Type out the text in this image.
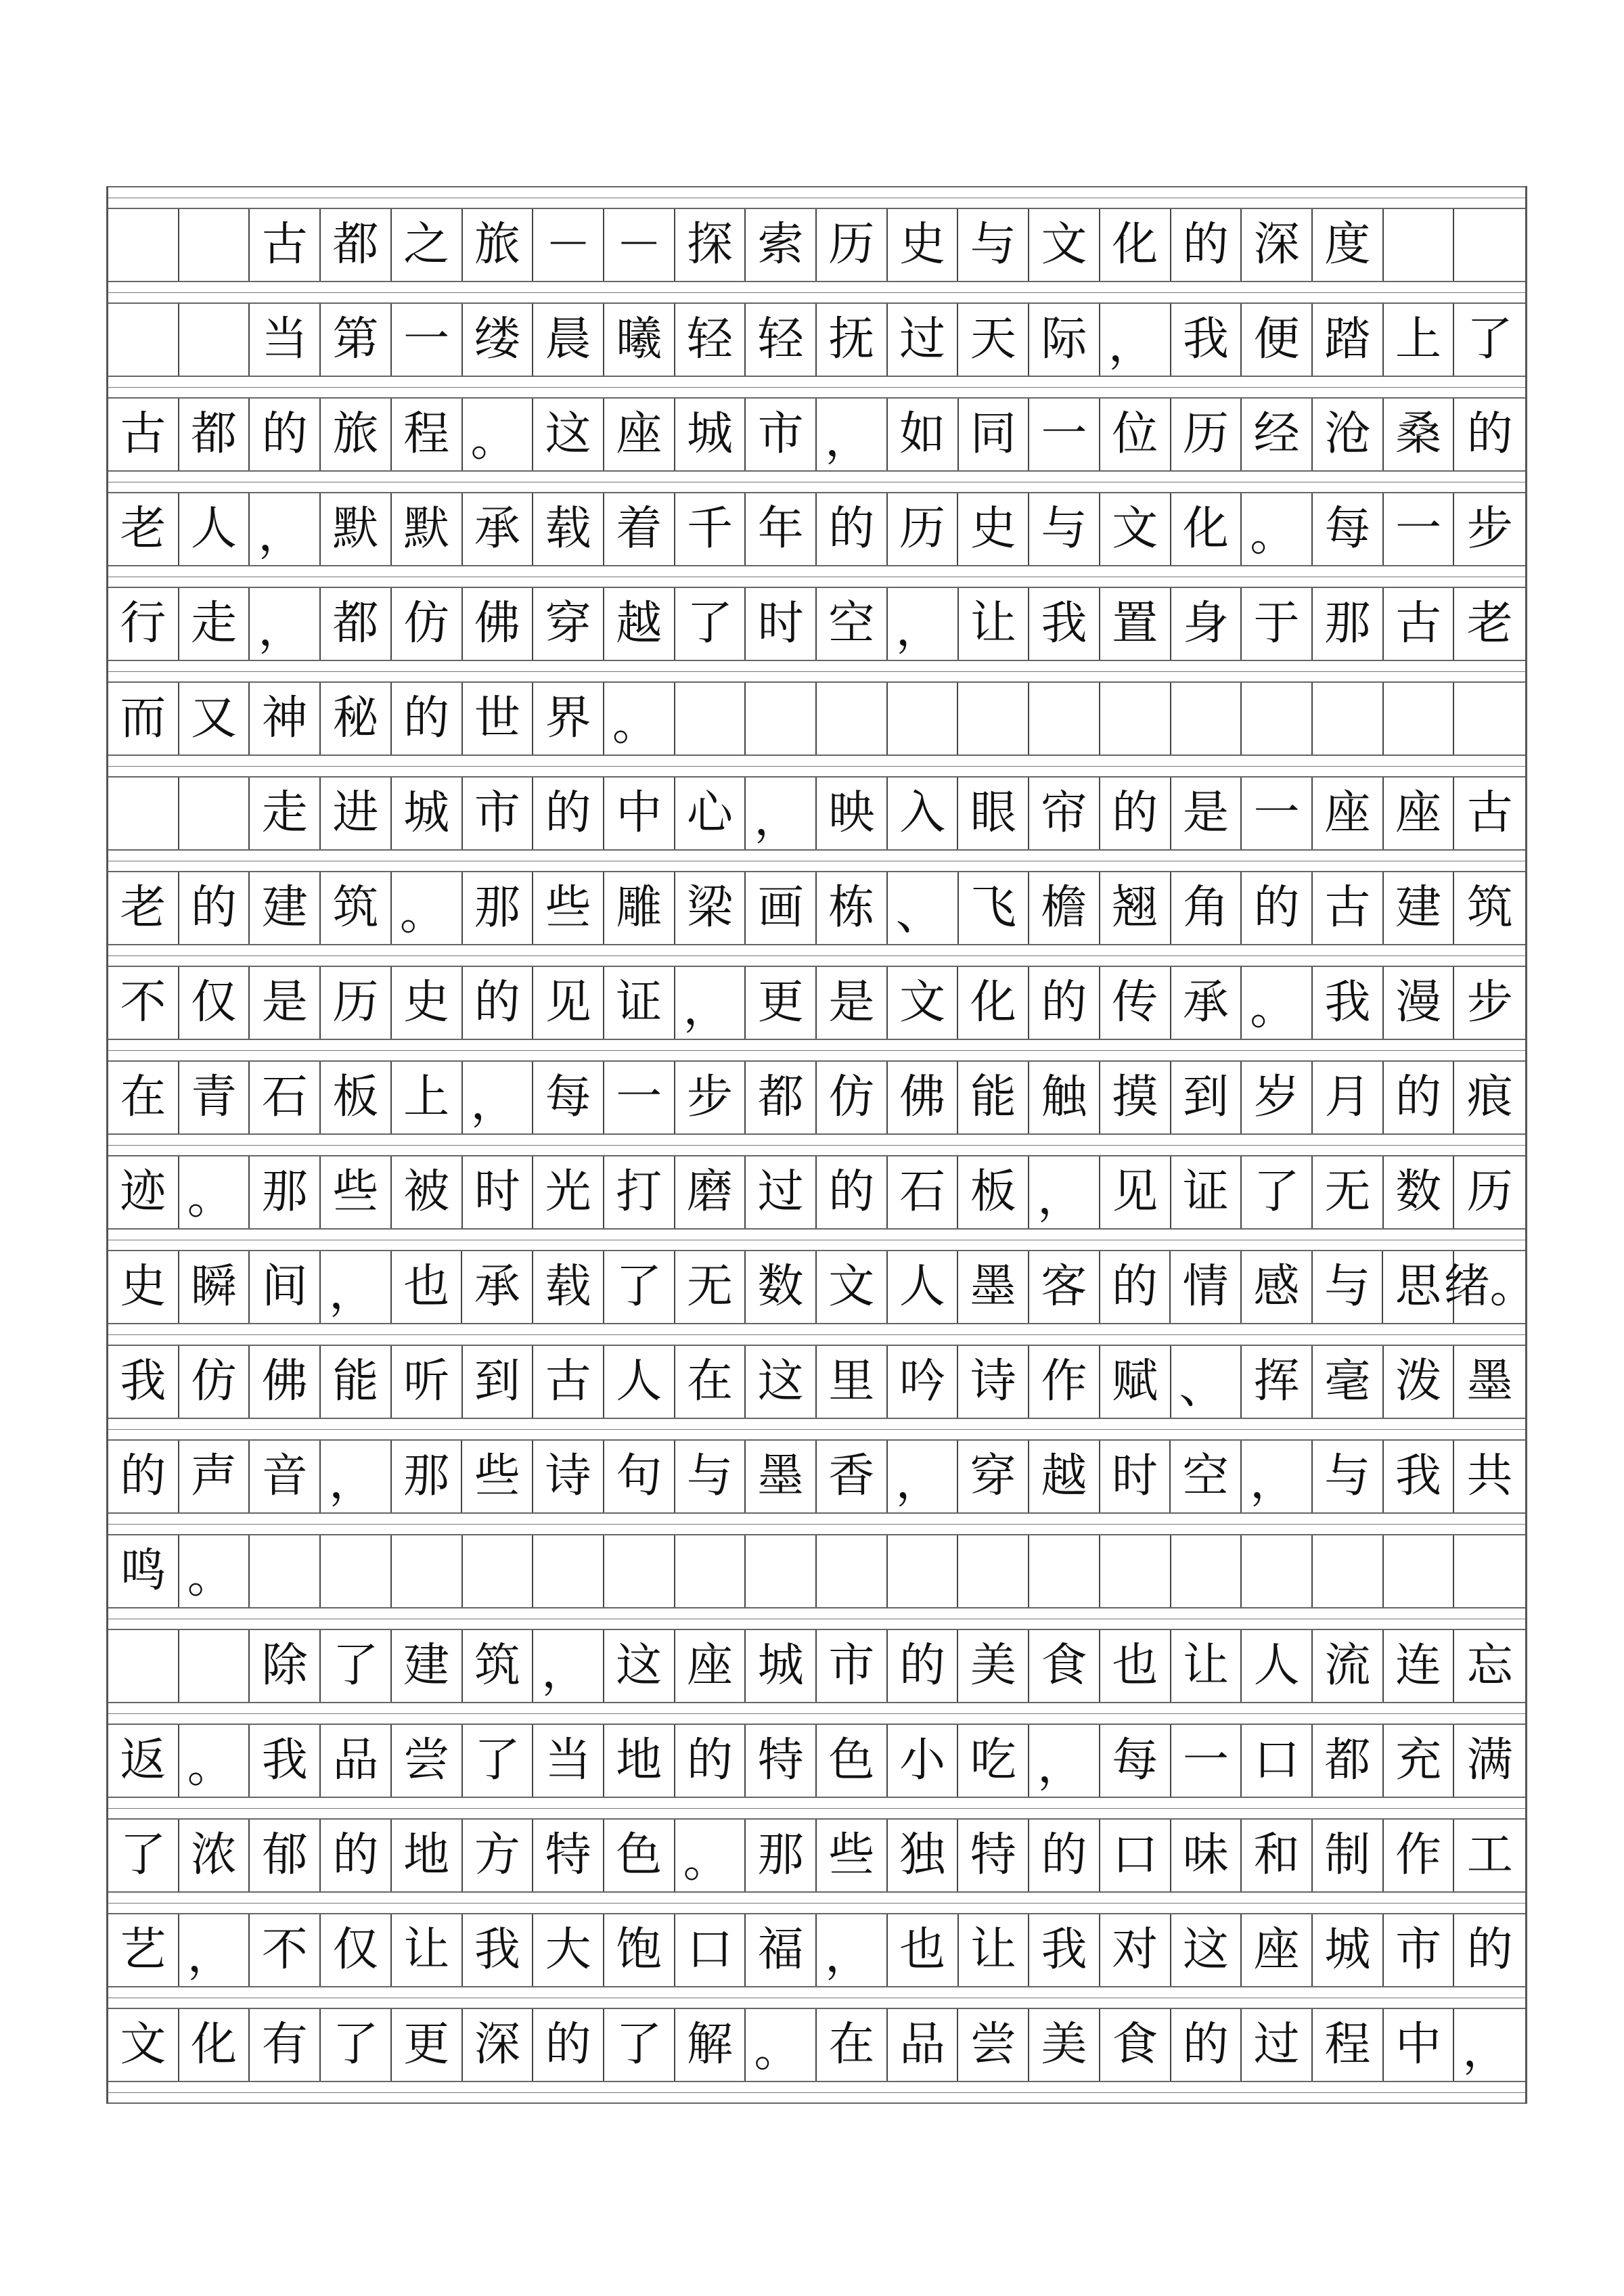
古 都 之 旅 － － 探 索 历 史 与 文 化 的 深 度
当 第 一 缕 晨 曦 轻 轻 抚 过 天 际 ， 我 便 踏 上 了
古 都 的 旅 程 。 这 座 城 市 ， 如 同 一 位 历 经 沧 桑 的
老 人 ， 默 默 承 载 着 千 年 的 历 史 与 文 化 。 每 一 步
行 走 ， 都 仿 佛 穿 越 了 时 空 ， 让 我 置 身 于 那 古 老
而 又 神 秘 的 世 界 。
走 进 城 市 的 中 心 ， 映 入 眼 帘 的 是 一 座 座 古
老 的 建 筑 。 那 些 雕 梁 画 栋 、 飞 檐 翘 角 的 古 建 筑
不 仅 是 历 史 的 见 证 ， 更 是 文 化 的 传 承 。 我 漫 步
在 青 石 板 上 ， 每 一 步 都 仿 佛 能 触 摸 到 岁 月 的 痕
迹 。 那 些 被 时 光 打 磨 过 的 石 板 ， 见 证 了 无 数 历
史 瞬 间 ， 也 承 载 了 无 数 文 人 墨 客 的 情 感 与 思 绪。
我 仿 佛 能 听 到 古 人 在 这 里 吟 诗 作 赋 、 挥 毫 泼 墨
的 声 音 ， 那 些 诗 句 与 墨 香 ， 穿 越 时 空 ， 与 我 共
鸣 。
除 了 建 筑 ， 这 座 城 市 的 美 食 也 让 人 流 连 忘
返 。 我 品 尝 了 当 地 的 特 色 小 吃 ， 每 一 口 都 充 满
了 浓 郁 的 地 方 特 色 。 那 些 独 特 的 口 味 和 制 作 工
艺 ， 不 仅 让 我 大 饱 口 福 ， 也 让 我 对 这 座 城 市 的
文 化 有 了 更 深 的 了 解 。 在 品 尝 美 食 的 过 程 中 ，
